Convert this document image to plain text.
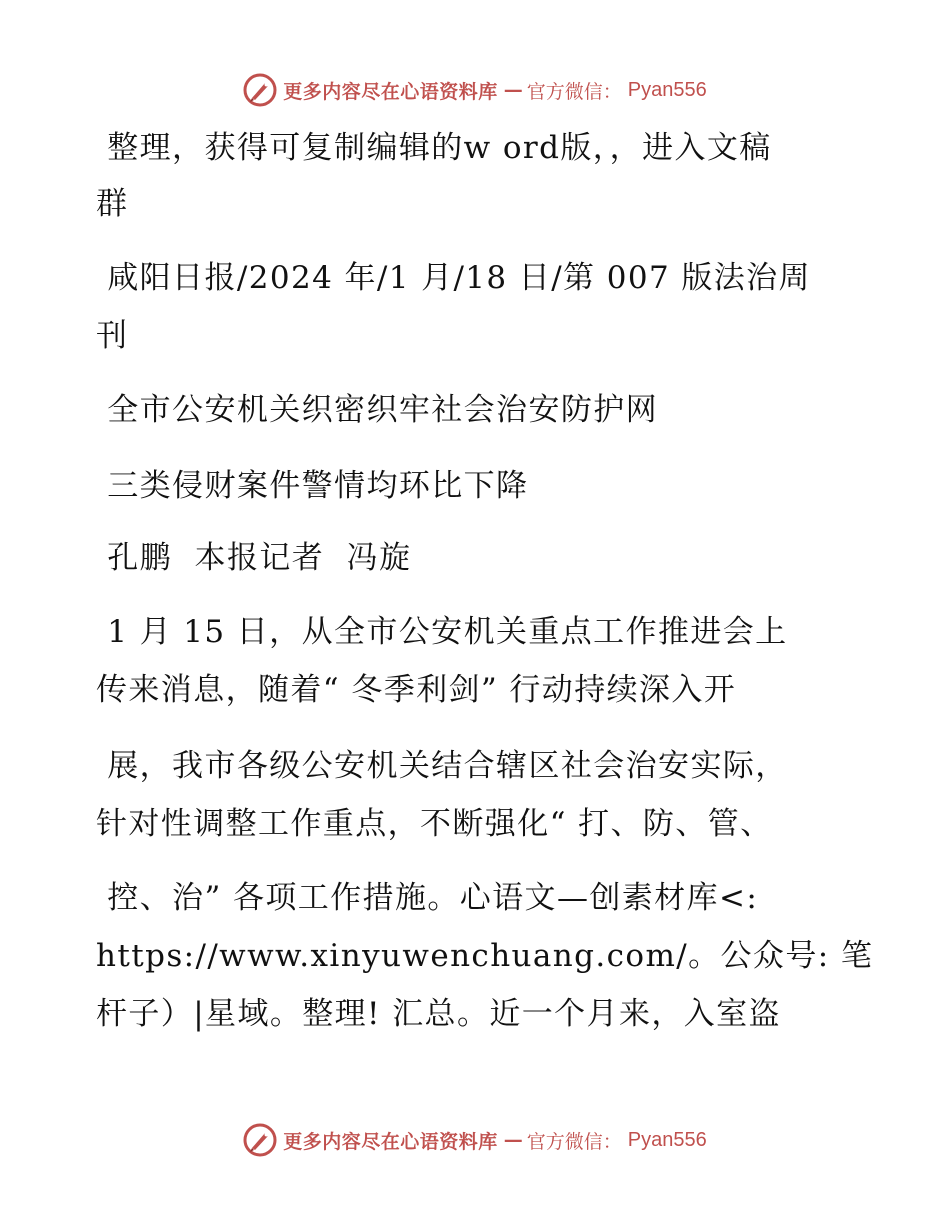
更多内容尽在心语资料库 — 官方微信： Pyan556
整理，获得可复制编辑的w ord版，，进入文稿
群
咸阳日报/2024 年/1 月/18 日/第 007 版法治周
刊
全市公安机关织密织牢社会治安防护网
三类侵财案件警情均环比下降
孔鹏  本报记者  冯旋
1 月 15 日，从全市公安机关重点工作推进会上
传来消息，随着“ 冬季利剑” 行动持续深入开
展，我市各级公安机关结合辖区社会治安实际，
针对性调整工作重点，不断强化“ 打、防、管、
控、治” 各项工作措施。心语文—创素材库<:
https://www.xinyuwenchuang.com/。公众号: 笔
杆子）|星域。整理! 汇总。近一个月来，入室盗
更多内容尽在心语资料库 — 官方微信： Pyan556
